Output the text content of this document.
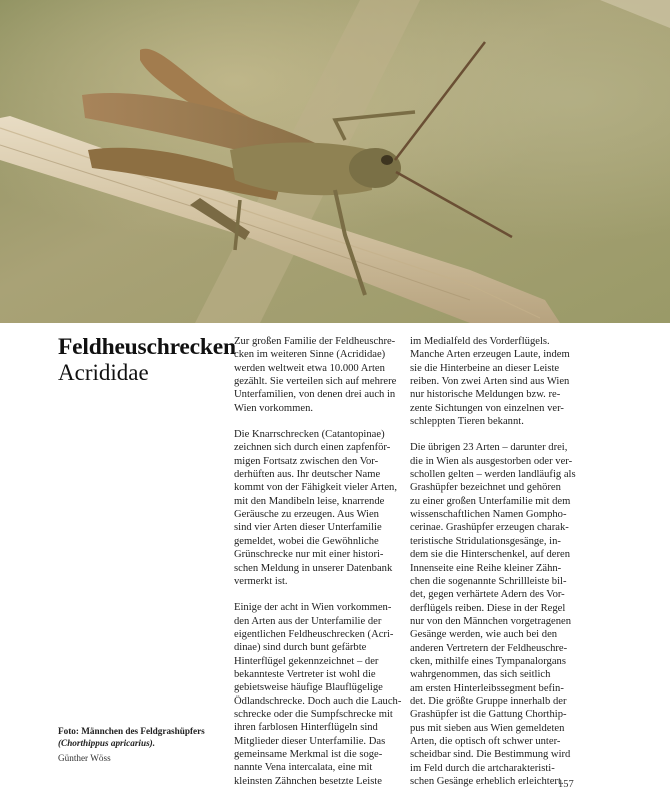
Feldheuschrecken
Acrididae
Foto: Männchen des Feldgrashüpfers
(Chorthippus apricarius).
Günther Wöss
Zur großen Familie der Feldheuschre-
cken im weiteren Sinne (Acrididae)
werden weltweit etwa 10.000 Arten
gezählt. Sie verteilen sich auf mehrere
Unterfamilien, von denen drei auch in
Wien vorkommen.
Die Knarrschrecken (Catantopinae)
zeichnen sich durch einen zapfenför-
migen Fortsatz zwischen den Vor-
derhüften aus. Ihr deutscher Name
kommt von der Fähigkeit vieler Arten,
mit den Mandibeln leise, knarrende
Geräusche zu erzeugen. Aus Wien
sind vier Arten dieser Unterfamilie
gemeldet, wobei die Gewöhnliche
Grünschrecke nur mit einer histori-
schen Meldung in unserer Datenbank
vermerkt ist.
Einige der acht in Wien vorkommen-
den Arten aus der Unterfamilie der
eigentlichen Feldheuschrecken (Acri-
dinae) sind durch bunt gefärbte
Hinterflügel gekennzeichnet – der
bekannteste Vertreter ist wohl die
gebietsweise häufige Blauflügelige
Ödlandschrecke. Doch auch die Lauch-
schrecke oder die Sumpfschrecke mit
ihren farblosen Hinterflügeln sind
Mitglieder dieser Unterfamilie. Das
gemeinsame Merkmal ist die soge-
nannte Vena intercalata, eine mit
kleinsten Zähnchen besetzte Leiste
im Medialfeld des Vorderflügels.
Manche Arten erzeugen Laute, indem
sie die Hinterbeine an dieser Leiste
reiben. Von zwei Arten sind aus Wien
nur historische Meldungen bzw. re-
zente Sichtungen von einzelnen ver-
schleppten Tieren bekannt.
Die übrigen 23 Arten – darunter drei,
die in Wien als ausgestorben oder ver-
schollen gelten – werden landläufig als
Grashüpfer bezeichnet und gehören
zu einer großen Unterfamilie mit dem
wissenschaftlichen Namen Gompho-
cerinae. Grashüpfer erzeugen charak-
teristische Stridulationsgesänge, in-
dem sie die Hinterschenkel, auf deren
Innenseite eine Reihe kleiner Zähn-
chen die sogenannte Schrillleiste bil-
det, gegen verhärtete Adern des Vor-
derflügels reiben. Diese in der Regel
nur von den Männchen vorgetragenen
Gesänge werden, wie auch bei den
anderen Vertretern der Feldheuschre-
cken, mithilfe eines Tympanalorgans
wahrgenommen, das sich seitlich
am ersten Hinterleibssegment befin-
det. Die größte Gruppe innerhalb der
Grashüpfer ist die Gattung Chorthip-
pus mit sieben aus Wien gemeldeten
Arten, die optisch oft schwer unter-
scheidbar sind. Die Bestimmung wird
im Feld durch die artcharakteristi-
schen Gesänge erheblich erleichtert.
157
